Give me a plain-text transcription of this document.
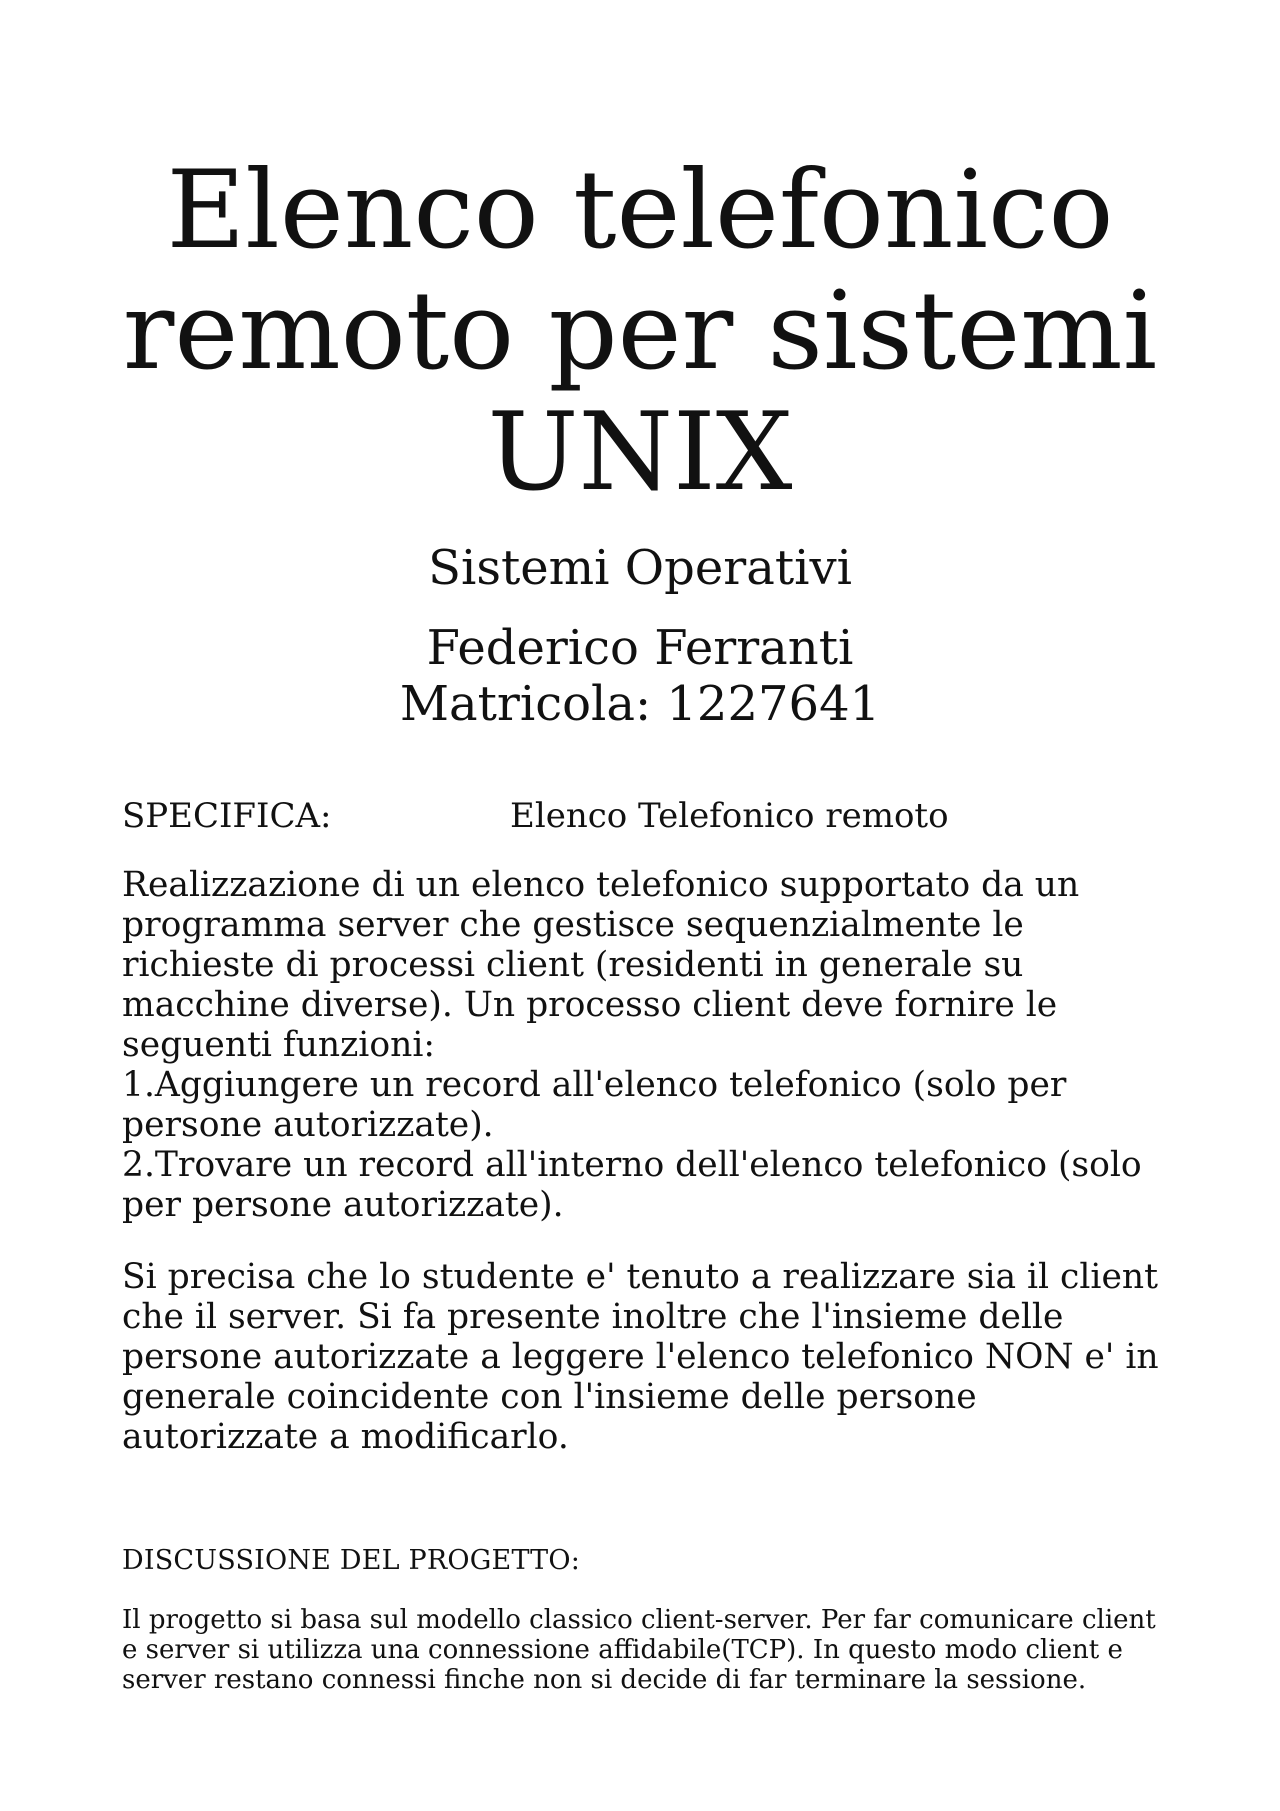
Elenco telefonico
remoto per sistemi
UNIX

Sistemi Operativi

Federico Ferranti
Matricola: 1227641

SPECIFICA:	Elenco Telefonico remoto

Realizzazione di un elenco telefonico supportato da un
programma server che gestisce sequenzialmente le
richieste di processi client (residenti in generale su
macchine diverse). Un processo client deve fornire le
seguenti funzioni:
1.Aggiungere un record all'elenco telefonico (solo per
persone autorizzate).
2.Trovare un record all'interno dell'elenco telefonico (solo
per persone autorizzate).

Si precisa che lo studente e' tenuto a realizzare sia il client
che il server. Si fa presente inoltre che l'insieme delle
persone autorizzate a leggere l'elenco telefonico NON e' in
generale coincidente con l'insieme delle persone
autorizzate a modificarlo.

DISCUSSIONE DEL PROGETTO:

Il progetto si basa sul modello classico client-server. Per far comunicare client
e server si utilizza una connessione affidabile(TCP). In questo modo client e
server restano connessi finche non si decide di far terminare la sessione.
